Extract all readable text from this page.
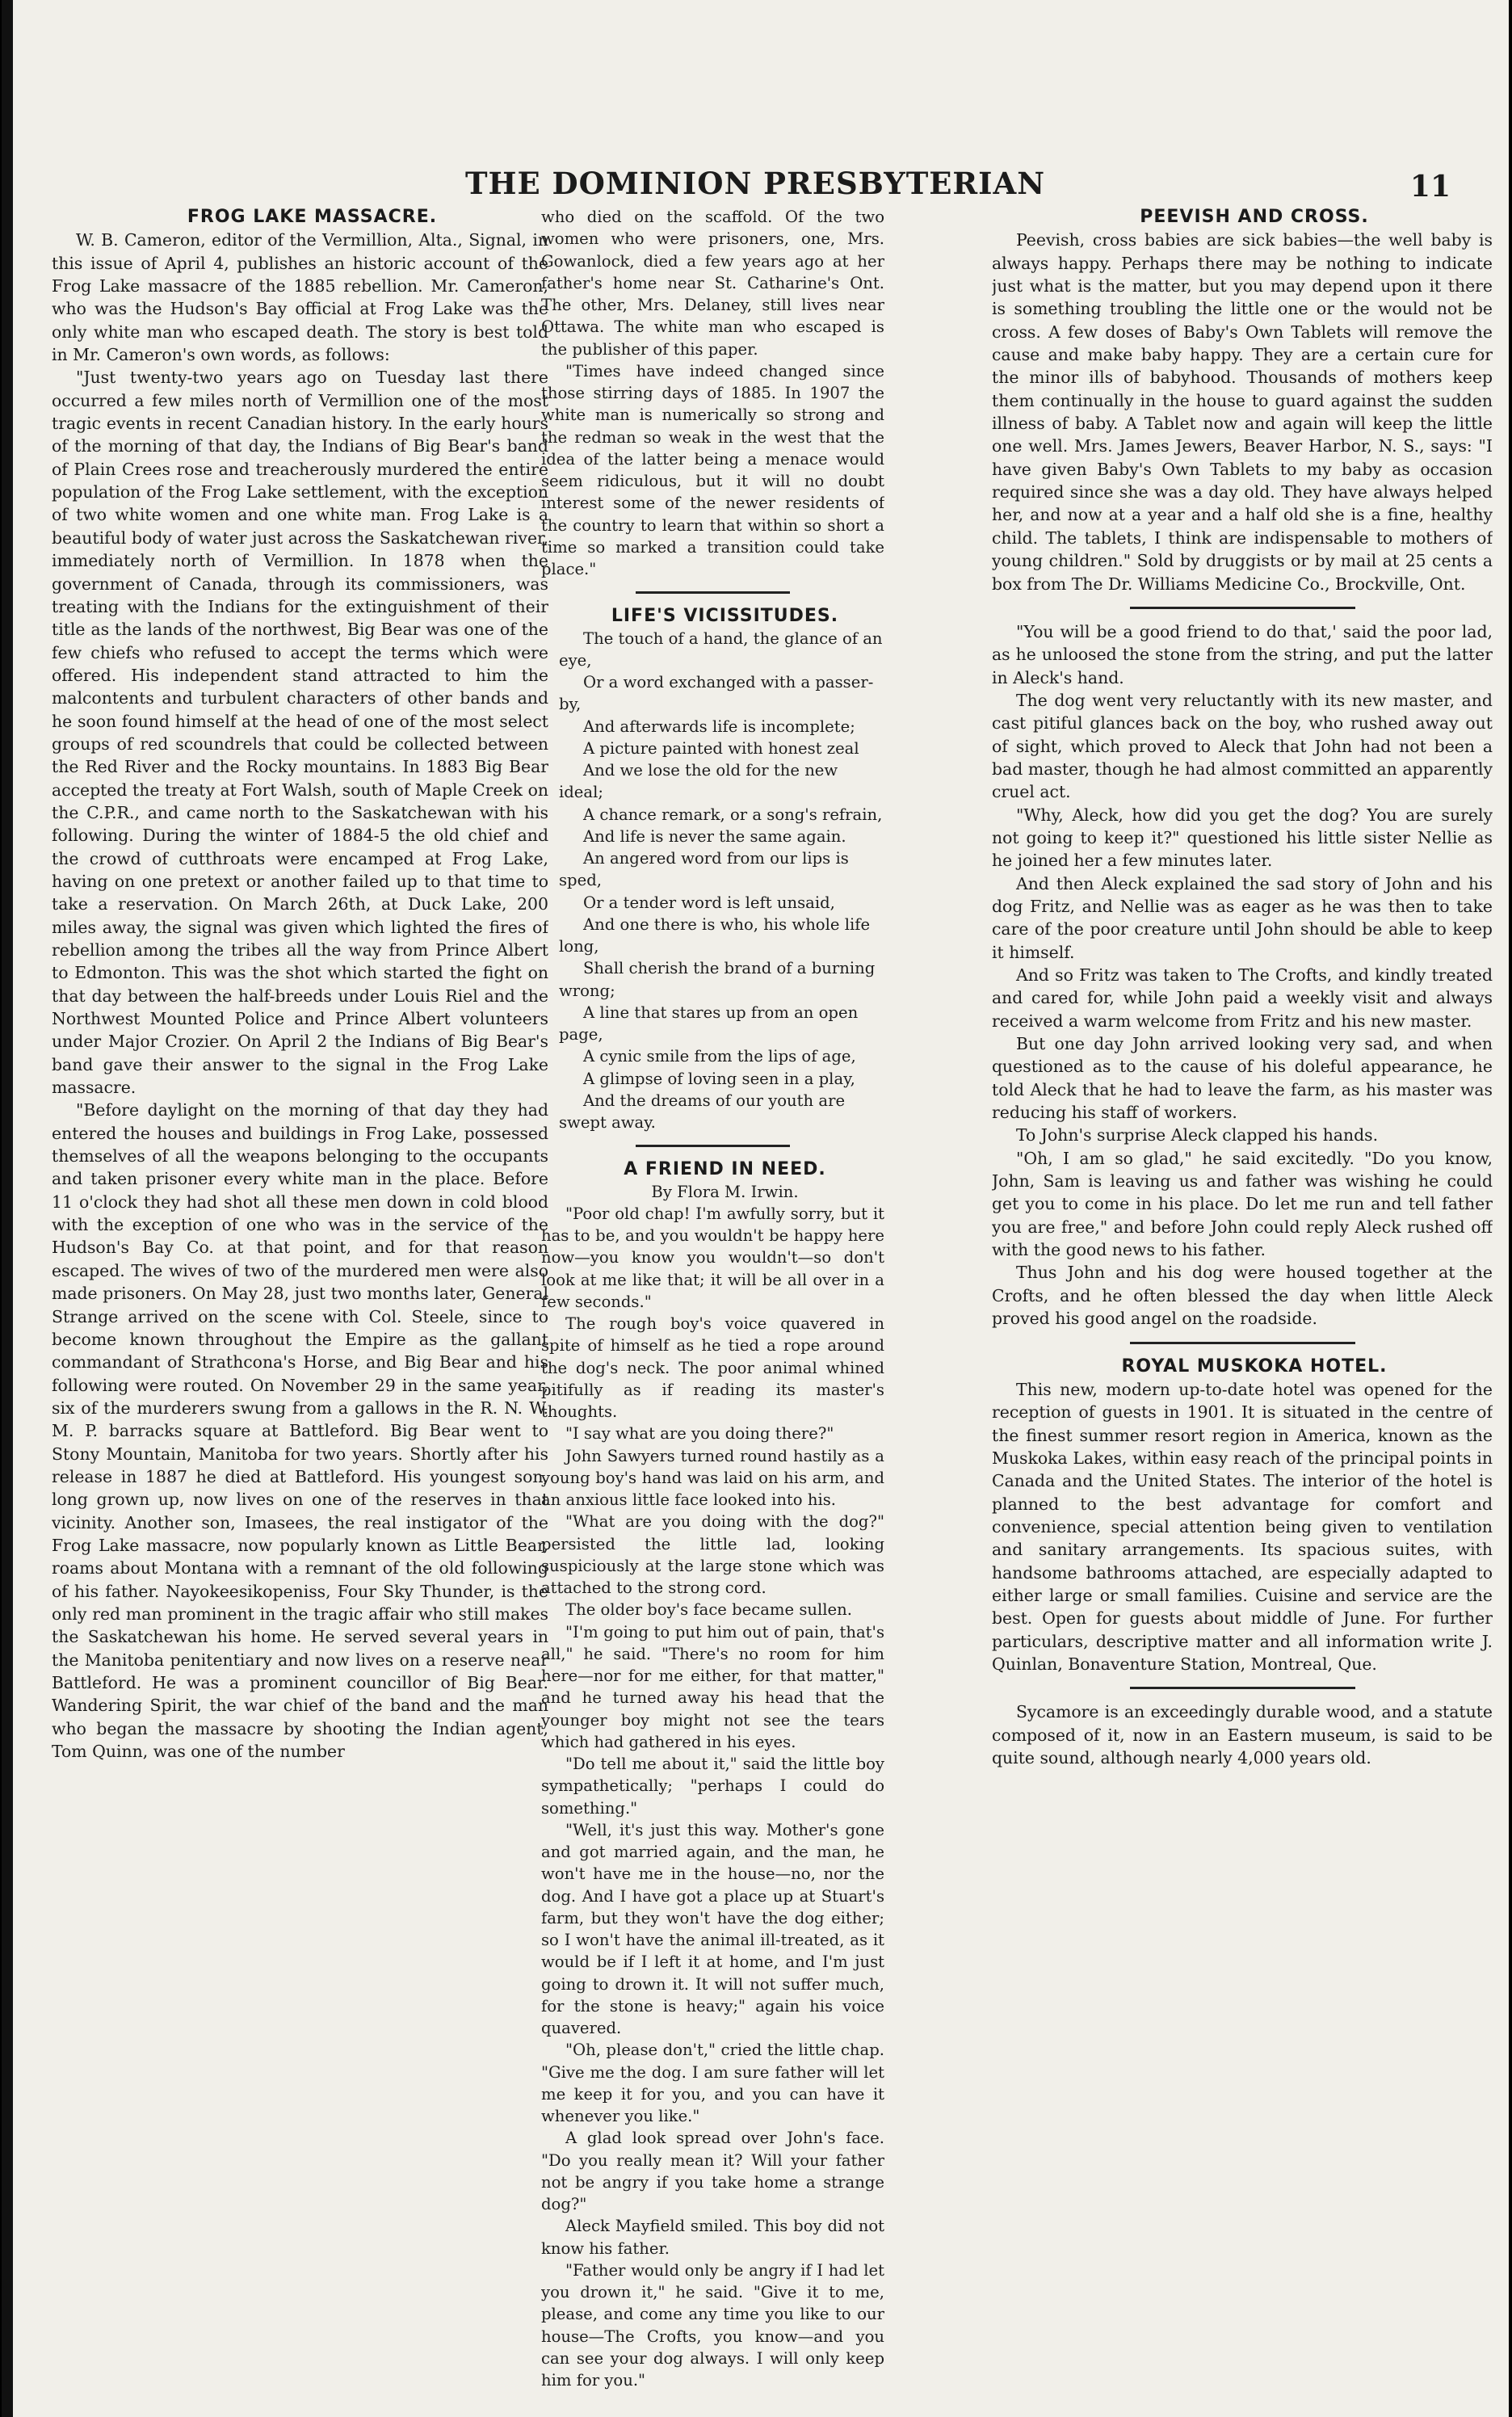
THE DOMINION PRESBYTERIAN	11

FROG LAKE MASSACRE.

W. B. Cameron, editor of the Vermillion, Alta., Signal, in this issue of April 4, publishes an historic account of the Frog Lake massacre of the 1885 rebellion. Mr. Cameron, who was the Hudson's Bay official at Frog Lake was the only white man who escaped death. The story is best told in Mr. Cameron's own words, as follows:

"Just twenty-two years ago on Tuesday last there occurred a few miles north of Vermillion one of the most tragic events in recent Canadian history. In the early hours of the morning of that day, the Indians of Big Bear's band of Plain Crees rose and treacherously murdered the entire population of the Frog Lake settlement, with the exception of two white women and one white man. Frog Lake is a beautiful body of water just across the Saskatchewan river, immediately north of Vermillion. In 1878 when the government of Canada, through its commissioners, was treating with the Indians for the extinguishment of their title as the lands of the northwest, Big Bear was one of the few chiefs who refused to accept the terms which were offered. His independent stand attracted to him the malcontents and turbulent characters of other bands and he soon found himself at the head of one of the most select groups of red scoundrels that could be collected between the Red River and the Rocky mountains. In 1883 Big Bear accepted the treaty at Fort Walsh, south of Maple Creek on the C.P.R., and came north to the Saskatchewan with his following. During the winter of 1884-5 the old chief and the crowd of cutthroats were encamped at Frog Lake, having on one pretext or another failed up to that time to take a reservation. On March 26th, at Duck Lake, 200 miles away, the signal was given which lighted the fires of rebellion among the tribes all the way from Prince Albert to Edmonton. This was the shot which started the fight on that day between the half-breeds under Louis Riel and the Northwest Mounted Police and Prince Albert volunteers under Major Crozier. On April 2 the Indians of Big Bear's band gave their answer to the signal in the Frog Lake massacre.

"Before daylight on the morning of that day they had entered the houses and buildings in Frog Lake, possessed themselves of all the weapons belonging to the occupants and taken prisoner every white man in the place. Before 11 o'clock they had shot all these men down in cold blood with the exception of one who was in the service of the Hudson's Bay Co. at that point, and for that reason escaped. The wives of two of the murdered men were also made prisoners. On May 28, just two months later, General Strange arrived on the scene with Col. Steele, since to become known throughout the Empire as the gallant commandant of Strathcona's Horse, and Big Bear and his following were routed. On November 29 in the same year, six of the murderers swung from a gallows in the R. N. W. M. P. barracks square at Battleford. Big Bear went to Stony Mountain, Manitoba for two years. Shortly after his release in 1887 he died at Battleford. His youngest son, long grown up, now lives on one of the reserves in that vicinity. Another son, Imasees, the real instigator of the Frog Lake massacre, now popularly known as Little Bear, roams about Montana with a remnant of the old following of his father. Nayokeesikopeniss, Four Sky Thunder, is the only red man prominent in the tragic affair who still makes the Saskatchewan his home. He served several years in the Manitoba penitentiary and now lives on a reserve near Battleford. He was a prominent councillor of Big Bear. Wandering Spirit, the war chief of the band and the man who began the massacre by shooting the Indian agent, Tom Quinn, was one of the number

who died on the scaffold. Of the two women who were prisoners, one, Mrs. Gowanlock, died a few years ago at her father's home near St. Catharine's Ont. The other, Mrs. Delaney, still lives near Ottawa. The white man who escaped is the publisher of this paper.

"Times have indeed changed since those stirring days of 1885. In 1907 the white man is numerically so strong and the redman so weak in the west that the idea of the latter being a menace would seem ridiculous, but it will no doubt interest some of the newer residents of the country to learn that within so short a time so marked a transition could take place."

LIFE'S VICISSITUDES.

The touch of a hand, the glance of an eye,

Or a word exchanged with a passer-by,

And afterwards life is incomplete;

A picture painted with honest zeal

And we lose the old for the new ideal;

A chance remark, or a song's refrain,

And life is never the same again.

An angered word from our lips is sped,

Or a tender word is left unsaid,

And one there is who, his whole life long,

Shall cherish the brand of a burning wrong;

A line that stares up from an open page,

A cynic smile from the lips of age,

A glimpse of loving seen in a play,

And the dreams of our youth are swept away.

A FRIEND IN NEED.

By Flora M. Irwin.

"Poor old chap! I'm awfully sorry, but it has to be, and you wouldn't be happy here now—you know you wouldn't—so don't look at me like that; it will be all over in a few seconds."

The rough boy's voice quavered in spite of himself as he tied a rope around the dog's neck. The poor animal whined pitifully as if reading its master's thoughts.

"I say what are you doing there?"

John Sawyers turned round hastily as a young boy's hand was laid on his arm, and an anxious little face looked into his.

"What are you doing with the dog?" persisted the little lad, looking suspiciously at the large stone which was attached to the strong cord.

The older boy's face became sullen.

"I'm going to put him out of pain, that's all," he said. "There's no room for him here—nor for me either, for that matter," and he turned away his head that the younger boy might not see the tears which had gathered in his eyes.

"Do tell me about it," said the little boy sympathetically; "perhaps I could do something."

"Well, it's just this way. Mother's gone and got married again, and the man, he won't have me in the house—no, nor the dog. And I have got a place up at Stuart's farm, but they won't have the dog either; so I won't have the animal ill-treated, as it would be if I left it at home, and I'm just going to drown it. It will not suffer much, for the stone is heavy;" again his voice quavered.

"Oh, please don't," cried the little chap. "Give me the dog. I am sure father will let me keep it for you, and you can have it whenever you like."

A glad look spread over John's face. "Do you really mean it? Will your father not be angry if you take home a strange dog?"

Aleck Mayfield smiled. This boy did not know his father.

"Father would only be angry if I had let you drown it," he said. "Give it to me, please, and come any time you like to our house—The Crofts, you know—and you can see your dog always. I will only keep him for you."

PEEVISH AND CROSS.

Peevish, cross babies are sick babies—the well baby is always happy. Perhaps there may be nothing to indicate just what is the matter, but you may depend upon it there is something troubling the little one or the would not be cross. A few doses of Baby's Own Tablets will remove the cause and make baby happy. They are a certain cure for the minor ills of babyhood. Thousands of mothers keep them continually in the house to guard against the sudden illness of baby. A Tablet now and again will keep the little one well. Mrs. James Jewers, Beaver Harbor, N. S., says: "I have given Baby's Own Tablets to my baby as occasion required since she was a day old. They have always helped her, and now at a year and a half old she is a fine, healthy child. The tablets, I think are indispensable to mothers of young children." Sold by druggists or by mail at 25 cents a box from The Dr. Williams Medicine Co., Brockville, Ont.

"You will be a good friend to do that,' said the poor lad, as he unloosed the stone from the string, and put the latter in Aleck's hand.

The dog went very reluctantly with its new master, and cast pitiful glances back on the boy, who rushed away out of sight, which proved to Aleck that John had not been a bad master, though he had almost committed an apparently cruel act.

"Why, Aleck, how did you get the dog? You are surely not going to keep it?" questioned his little sister Nellie as he joined her a few minutes later.

And then Aleck explained the sad story of John and his dog Fritz, and Nellie was as eager as he was then to take care of the poor creature until John should be able to keep it himself.

And so Fritz was taken to The Crofts, and kindly treated and cared for, while John paid a weekly visit and always received a warm welcome from Fritz and his new master.

But one day John arrived looking very sad, and when questioned as to the cause of his doleful appearance, he told Aleck that he had to leave the farm, as his master was reducing his staff of workers.

To John's surprise Aleck clapped his hands.

"Oh, I am so glad," he said excitedly. "Do you know, John, Sam is leaving us and father was wishing he could get you to come in his place. Do let me run and tell father you are free," and before John could reply Aleck rushed off with the good news to his father.

Thus John and his dog were housed together at the Crofts, and he often blessed the day when little Aleck proved his good angel on the roadside.

ROYAL MUSKOKA HOTEL.

This new, modern up-to-date hotel was opened for the reception of guests in 1901. It is situated in the centre of the finest summer resort region in America, known as the Muskoka Lakes, within easy reach of the principal points in Canada and the United States. The interior of the hotel is planned to the best advantage for comfort and convenience, special attention being given to ventilation and sanitary arrangements. Its spacious suites, with handsome bathrooms attached, are especially adapted to either large or small families. Cuisine and service are the best. Open for guests about middle of June. For further particulars, descriptive matter and all information write J. Quinlan, Bonaventure Station, Montreal, Que.

Sycamore is an exceedingly durable wood, and a statute composed of it, now in an Eastern museum, is said to be quite sound, although nearly 4,000 years old.
